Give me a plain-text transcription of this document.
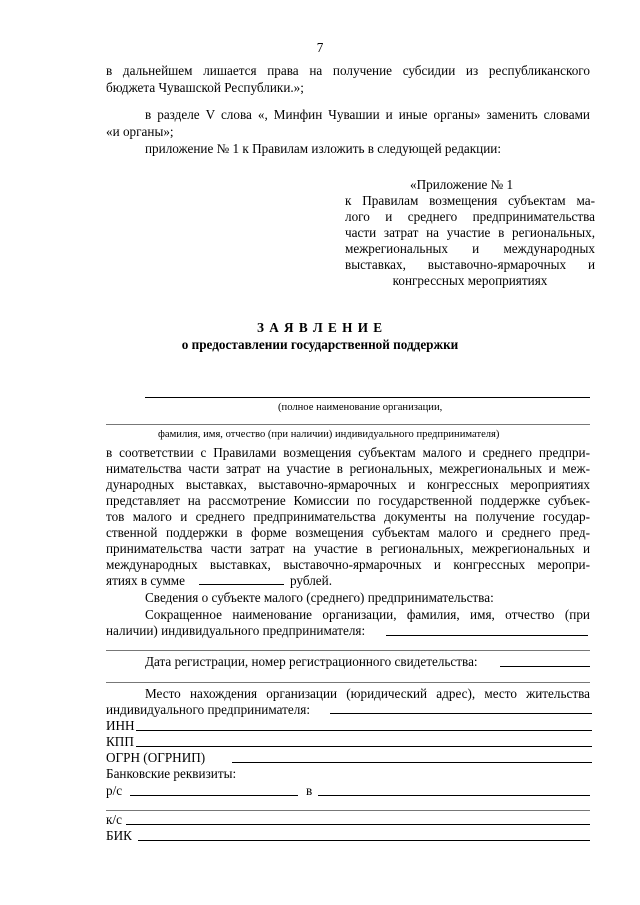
7
в дальнейшем лишается права на получение субсидии из республиканского
бюджета Чувашской Республики.»;
в разделе V слова «, Минфин Чувашии и иные органы» заменить словами
«и органы»;
приложение № 1 к Правилам изложить в следующей редакции:
«Приложение № 1
к Правилам возмещения субъектам ма-
лого и среднего предпринимательства
части затрат на участие в региональных,
межрегиональных и международных
выставках, выставочно-ярмарочных и
конгрессных мероприятиях
З А Я В Л Е Н И Е
о предоставлении государственной поддержки
(полное наименование организации,
фамилия, имя, отчество (при наличии) индивидуального предпринимателя)
в соответствии с Правилами возмещения субъектам малого и среднего предпри-
нимательства части затрат на участие в региональных, межрегиональных и меж-
дународных выставках, выставочно-ярмарочных и конгрессных мероприятиях
представляет на рассмотрение Комиссии по государственной поддержке субъек-
тов малого и среднего предпринимательства документы на получение государ-
ственной поддержки в форме возмещения субъектам малого и среднего пред-
принимательства части затрат на участие в региональных, межрегиональных и
международных выставках, выставочно-ярмарочных и конгрессных меропри-
ятиях в сумме	рублей.
Сведения о субъекте малого (среднего) предпринимательства:
Сокращенное наименование организации, фамилия, имя, отчество (при
наличии) индивидуального предпринимателя:
Дата регистрации, номер регистрационного свидетельства:
Место нахождения организации (юридический адрес), место жительства
индивидуального предпринимателя:
ИНН
КПП
ОГРН (ОГРНИП)
Банковские реквизиты:
р/с	в
к/с
БИК
